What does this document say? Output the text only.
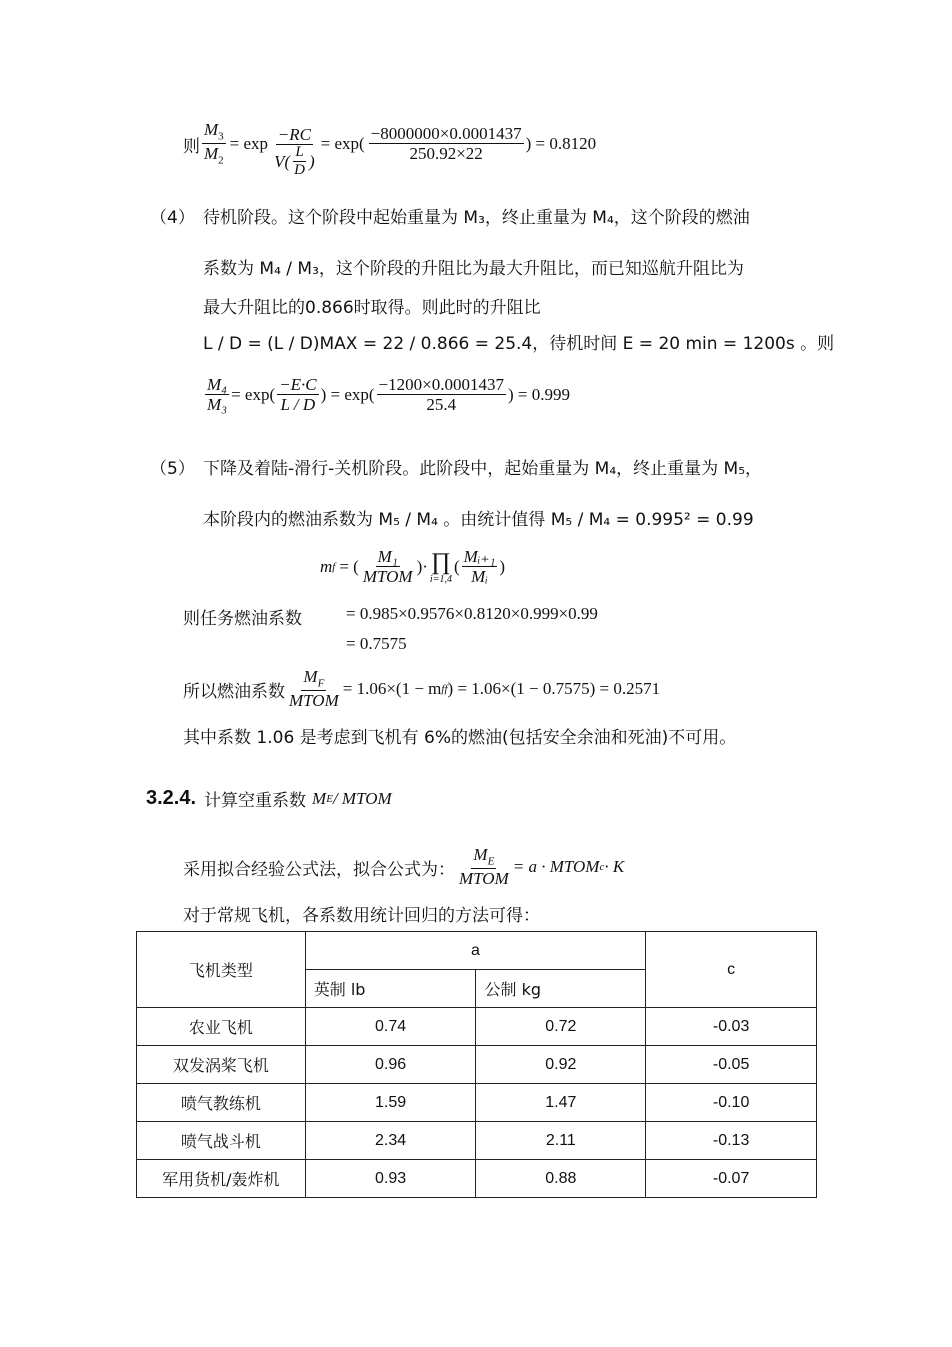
则 $\frac{M_3}{M_2} = \exp \frac{-RC}{V( \frac{L}{D} )} = \exp( \frac{-8000000\times 0.0001437}{250.92\times 22}$ ) = 0.8120
（4） 待机阶段。这个阶段中起始重量为 M₃，终止重量为 M₄，这个阶段的燃油
系数为 M₄ / M₃，这个阶段的升阻比为最大升阻比，而已知巡航升阻比为
最大升阻比的0.866时取得。则此时的升阻比
L / D = (L / D)MAX = 22 / 0.866 = 25.4，待机时间 E = 20 min = 1200s 。则
$\frac{\text{M₄}}{\text{M₃}} = \exp( \frac{-E\cdot C}{L / D}$ ) = $\exp( \frac{-1200\times 0.0001437}{25.4}$ ) = 0.999
（5） 下降及着陆-滑行-关机阶段。此阶段中，起始重量为 M₄，终止重量为 M₅，
本阶段内的燃油系数为 M₅ / M₄ 。由统计值得 M₅ / M₄ = 0.995² = 0.99
m f = ( $\frac{\text{M₁}}{\text{MTOM}}$ )· ∏
i=1,4
( $\frac{\text{Mᵢ₊₁}}{\text{Mᵢ}}$ )
则任务燃油系数	= 0.985×0.9576×0.8120×0.999×0.99
= 0.7575
所以燃油系数 $\frac{M_F}{\text{MTOM}} = 1.06\times(1 - m$ ff ) = 1.06×(1 − 0.7575) = 0.2571
其中系数 1.06 是考虑到飞机有 6%的燃油(包括安全余油和死油)不可用。
3.2.4. 计算空重系数 M E / MTOM
采用拟合经验公式法，拟合公式为： $\frac{M_E}{\text{MTOM}} = a$ · MTOM c · K
对于常规飞机，各系数用统计回归的方法可得：
飞机类型	a		c
	英制 lb	公制 kg	
农业飞机	0.74	0.72	-0.03
双发涡桨飞机	0.96	0.92	-0.05
喷气教练机	1.59	1.47	-0.10
喷气战斗机	2.34	2.11	-0.13
军用货机/轰炸机	0.93	0.88	-0.07
